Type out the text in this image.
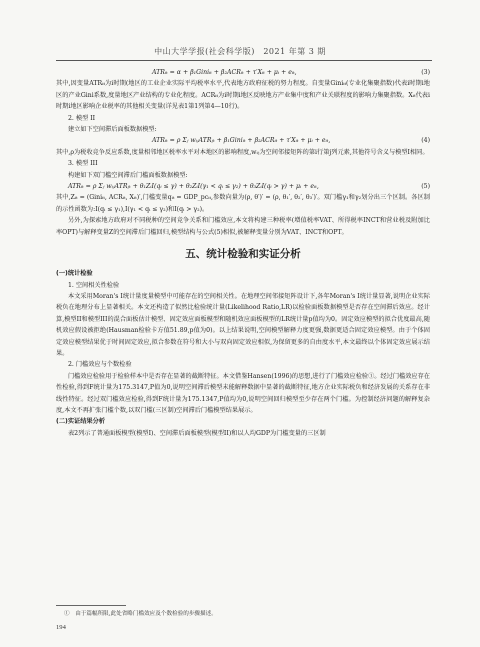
中山大学学报(社会科学版)　2021 年第 3 期
ATRᵢₜ = α + β₁Giniᵢₜ + β₂ACRᵢₜ + τ′Xᵢₜ + μᵢ + eᵢₜ,	(3)

其中,因变量ATRᵢₜ为i时期(地区的工业企业实际平均税率水平,代表地方政府征税的努力程度。自变量Giniᵢₜ(专业化集聚指数)代表i时期i地区的产业Gini系数,度量地区产业结构的专业化程度。ACRᵢₜ为i时期i地区反映地方产业集中度和产业关联程度的影响力集聚指数。Xᵢₜ代表i时期i地区影响企业税率的其他相关变量(详见表1第1列第4—10行)。

2. 模型 II

建立如下空间滞后面板数据模型:

ATRᵢₜ = ρ Σⱼ wᵢⱼATRⱼₜ + β₁Giniᵢₜ + β₂ACRᵢₜ + τ′Xᵢₜ + μᵢ + eᵢₜ,	(4)

其中,ρ为税收竞争反应系数,度量相邻地区税率水平对本地区的影响程度,wᵢⱼ为空间邻接矩阵的第i行第j列元素,其他符号含义与模型I相同。

3. 模型 III

构建如下双门槛空间滞后门槛面板数据模型:

ATRᵢₜ = ρ Σⱼ wᵢⱼATRⱼₜ + θ₁ZᵢI(qᵢ ≤ γ) + θ₂ZᵢI(γ₁ < qᵢ ≤ γ₂) + θ₃ZᵢI(qᵢ > γ) + μᵢ + eᵢₜ,	(5)

其中,Zᵢₜ = (Giniᵢₜ, ACRᵢₜ, Xᵢₜ)′,门槛变量qᵢₜ = GDP_pcᵢₜ,参数向量为(ρ, θ′)′ = (ρ, θ₁′, θ₂′, θ₃′)′。双门槛γ₁和γ₂划分出三个区制。各区制的示性函数为:I(qᵢ ≤ γ₁),I(γ₁ < qᵢ ≤ γ₂)和I(qᵢ > γ₂)。

另外,为探索地方政府对不同税种的空间竞争关系和门槛效应,本文将构建三种税率(增值税率VAT、所得税率INCT和营业税及附加比率OPT)与解释变量Z的空间滞后门槛回归,模型结构与公式(5)相似,被解释变量分别为VAT、INCT和OPT。

五、统计检验和实证分析

(一)统计检验

1. 空间相关性检验

本文采用Moran's I统计量度量模型中可能存在的空间相关性。在地理空间邻接矩阵设计下,各年Moran's I统计量显著,说明企业实际税负在地理分布上显著相关。本文还构造了似然比检验统计量(Likelihood Ratio,LR)以检验面板数据模型是否存在空间滞后效应。经计算,模型II和模型III的混合面板估计模型、固定效应面板模型和随机效应面板模型的LR统计量p值均为0。固定效应模型的拟合优度最高,随机效应假设被拒绝(Hausman检验卡方值51.89,p值为0)。以上结果说明,空间模型解释力度更强,数据更适合固定效应模型。由于个体固定效应模型结果优于时间固定效应,拟合参数在符号和大小与双向固定效应相似,为保留更多的自由度水平,本文最终以个体固定效应展示结果。

2. 门槛效应与个数检验

门槛效应检验用于检验样本中是否存在显著的截断特征。本文借鉴Hansen(1996)的思想,进行了门槛效应检验①。经过门槛效应存在性检验,得到F统计量为175.3147,P值为0,说明空间滞后模型未能解释数据中显著的截断特征,地方企业实际税负和经济发展的关系存在非线性特征。经过双门槛效应检验,得到F统计量为175.1347,P值均为0,说明空间回归模型至少存在两个门槛。为控制经济问题的解释复杂度,本文不再扩张门槛个数,以双门槛(三区制)空间滞后门槛模型结果展示。

(二)实证结果分析

表2列示了普通面板模型(模型I)、空间滞后面板模型(模型II)和以人均GDP为门槛变量的三区制

①　由于篇幅所限,此处省略门槛效应及个数检验的步骤描述。
194
